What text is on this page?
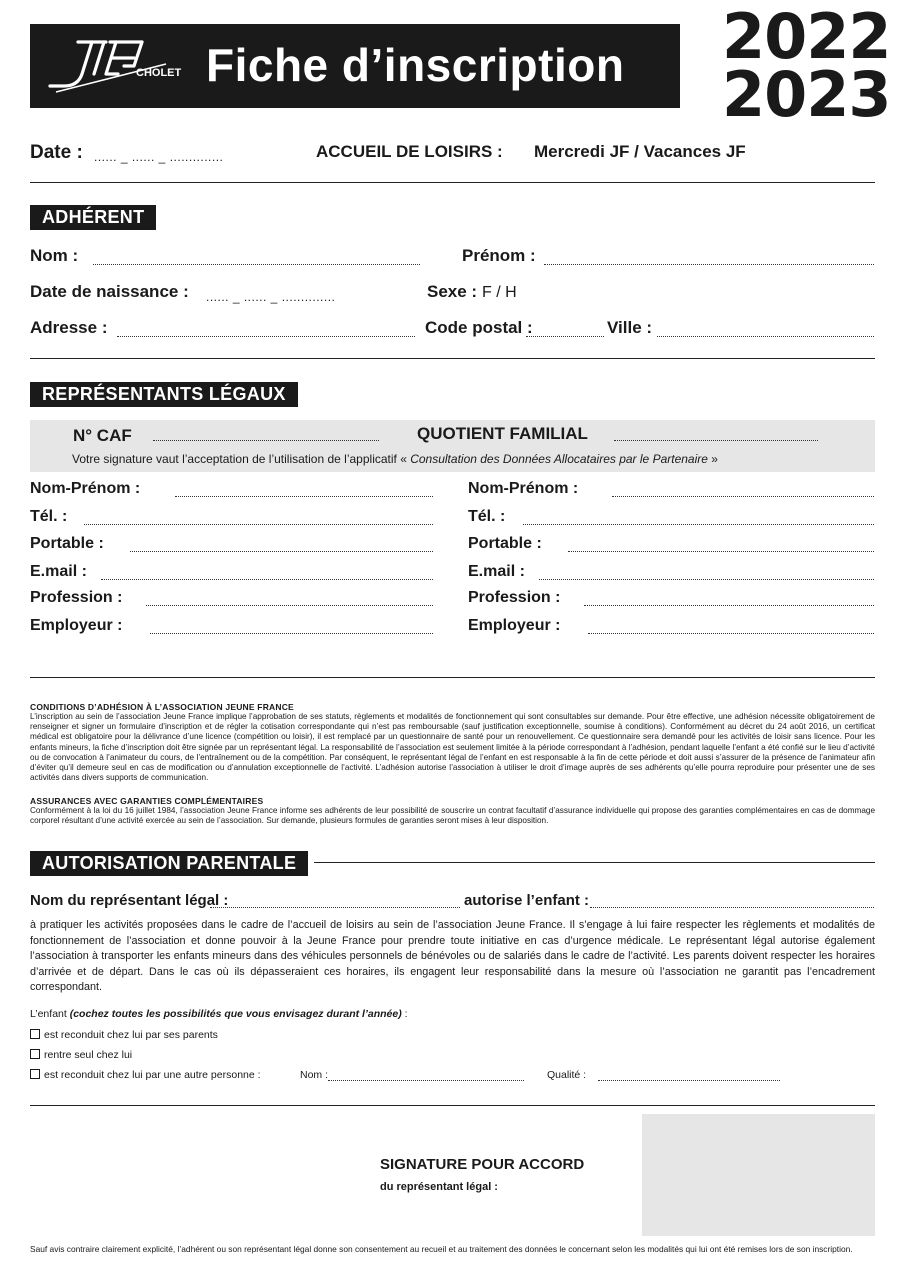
CHOLET Fiche d’inscription 2022
2023
Date : ...... _ ...... _ ..............	ACCUEIL DE LOISIRS : Mercredi JF / Vacances JF
ADHÉRENT
Nom :	Prénom :
Date de naissance : ...... _ ...... _ ..............	Sexe : F / H
Adresse :	Code postal :	Ville :
REPRÉSENTANTS LÉGAUX
N° CAF	QUOTIENT FAMILIAL
Votre signature vaut l’acceptation de l’utilisation de l’applicatif « Consultation des Données Allocataires par le Partenaire »
Nom-Prénom :
Tél. :
Portable :
E.mail :
Profession :
Employeur :
Nom-Prénom :
Tél. :
Portable :
E.mail :
Profession :
Employeur :
CONDITIONS D’ADHÉSION À L’ASSOCIATION JEUNE FRANCE
L’inscription au sein de l’association Jeune France implique l’approbation de ses statuts, règlements et modalités de fonctionnement qui sont consultables sur demande. Pour être effective, une adhésion nécessite obligatoirement de renseigner et signer un formulaire d’inscription et de régler la cotisation correspondante qui n’est pas remboursable (sauf justification exceptionnelle, soumise à conditions). Conformément au décret du 24 août 2016, un certificat médical est obligatoire pour la délivrance d’une licence (compétition ou loisir), il est remplacé par un questionnaire de santé pour un renouvellement. Ce questionnaire sera demandé pour les activités de loisir sans licence. Pour les enfants mineurs, la fiche d’inscription doit être signée par un représentant légal. La responsabilité de l’association est seulement limitée à la période correspondant à l’adhésion, pendant laquelle l’enfant a été confié sur le lieu d’activité ou de convocation à l’animateur du cours, de l’entraînement ou de la compétition. Par conséquent, le représentant légal de l’enfant en est responsable à la fin de cette période et doit aussi s’assurer de la présence de l’animateur afin d’éviter qu’il demeure seul en cas de modification ou d’annulation exceptionnelle de l’activité. L’adhésion autorise l’association à utiliser le droit d’image auprès de ses adhérents qu’elle pourra reproduire pour présenter une de ses activités dans divers supports de communication.
ASSURANCES AVEC GARANTIES COMPLÉMENTAIRES
Conformément à la loi du 16 juillet 1984, l’association Jeune France informe ses adhérents de leur possibilité de souscrire un contrat facultatif d’assurance individuelle qui propose des garanties complémentaires en cas de dommage corporel résultant d’une activité exercée au sein de l’association. Sur demande, plusieurs formules de garanties seront mises à leur disposition.
AUTORISATION PARENTALE
Nom du représentant légal :	autorise l’enfant :
à pratiquer les activités proposées dans le cadre de l’accueil de loisirs au sein de l’association Jeune France. Il s’engage à lui faire respecter les règlements et modalités de fonctionnement de l’association et donne pouvoir à la Jeune France pour prendre toute initiative en cas d’urgence médicale. Le représentant légal autorise également l’association à transporter les enfants mineurs dans des véhicules personnels de bénévoles ou de salariés dans le cadre de l’activité. Les parents doivent respecter les horaires d’arrivée et de départ. Dans le cas où ils dépasseraient ces horaires, ils engagent leur responsabilité dans la mesure où l’association ne garantit pas l’encadrement correspondant.
L’enfant (cochez toutes les possibilités que vous envisagez durant l’année) :
est reconduit chez lui par ses parents
rentre seul chez lui
est reconduit chez lui par une autre personne :	Nom :	Qualité :
SIGNATURE POUR ACCORD
du représentant légal :
Sauf avis contraire clairement explicité, l’adhérent ou son représentant légal donne son consentement au recueil et au traitement des données le concernant selon les modalités qui lui ont été remises lors de son inscription.
